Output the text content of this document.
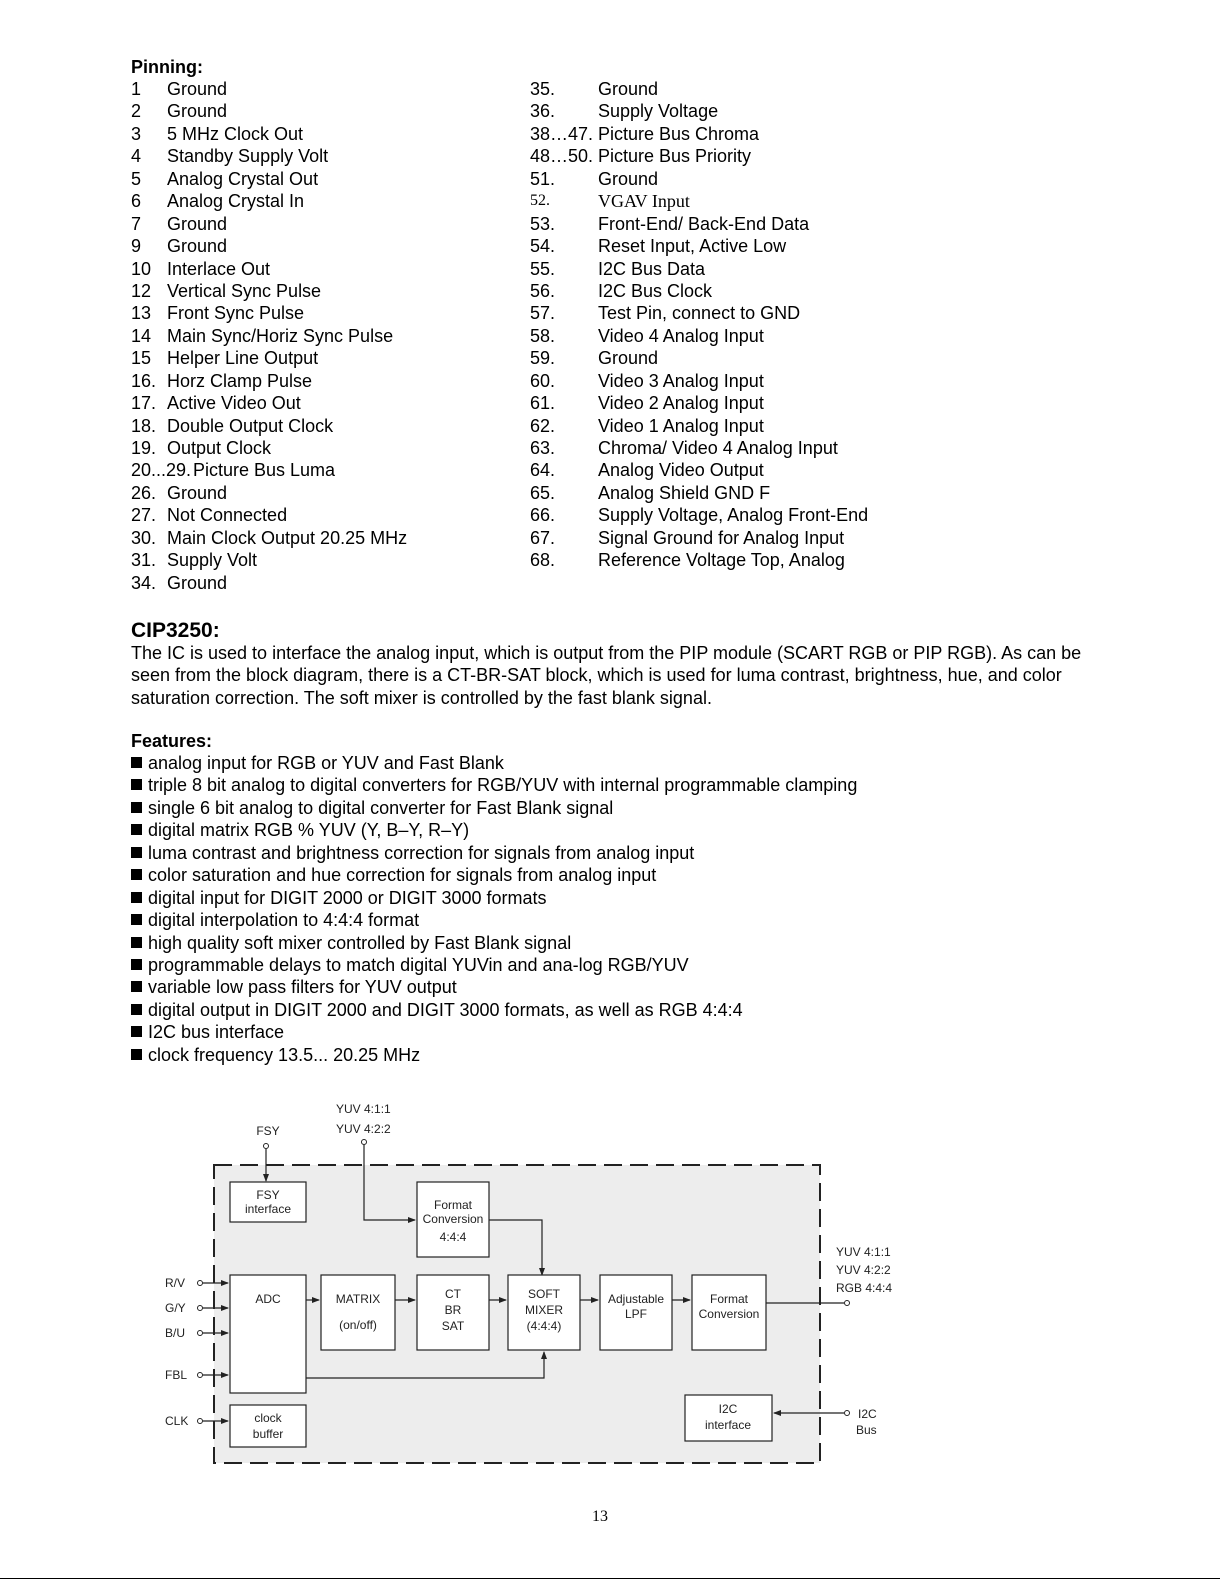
Pinning:
1 Ground
2 Ground
3 5 MHz Clock Out
4 Standby Supply Volt
5 Analog Crystal Out
6 Analog Crystal In
7 Ground
9 Ground
10 Interlace Out
12 Vertical Sync Pulse
13 Front Sync Pulse
14 Main Sync/Horiz Sync Pulse
15 Helper Line Output
16. Horz Clamp Pulse
17. Active Video Out
18. Double Output Clock
19. Output Clock
20...29. Picture Bus Luma
26. Ground
27. Not Connected
30. Main Clock Output 20.25 MHz
31. Supply Volt
34. Ground
35. Ground
36. Supply Voltage
38…47. Picture Bus Chroma
48…50. Picture Bus Priority
51. Ground
52.	VGAV Input
53. Front-End/ Back-End Data
54. Reset Input, Active Low
55. I2C Bus Data
56. I2C Bus Clock
57. Test Pin, connect to GND
58. Video 4 Analog Input
59. Ground
60. Video 3 Analog Input
61. Video 2 Analog Input
62. Video 1 Analog Input
63. Chroma/ Video 4 Analog Input
64. Analog Video Output
65. Analog Shield GND F
66. Supply Voltage, Analog Front-End
67. Signal Ground for Analog Input
68. Reference Voltage Top, Analog
CIP3250:
The IC is used to interface the analog input, which is output from the PIP module (SCART RGB or PIP RGB). As can be seen from the block diagram, there is a CT-BR-SAT block, which is used for luma contrast, brightness, hue, and color saturation correction. The soft mixer is controlled by the fast blank signal.
Features:
analog input for RGB or YUV and Fast Blank
triple 8 bit analog to digital converters for RGB/YUV with internal programmable clamping
single 6 bit analog to digital converter for Fast Blank signal
digital matrix RGB % YUV (Y, B–Y, R–Y)
luma contrast and brightness correction for signals from analog input
color saturation and hue correction for signals from analog input
digital input for DIGIT 2000 or DIGIT 3000 formats
digital interpolation to 4:4:4 format
high quality soft mixer controlled by Fast Blank signal
programmable delays to match digital YUVin and ana-log RGB/YUV
variable low pass filters for YUV output
digital output in DIGIT 2000 and DIGIT 3000 formats, as well as RGB 4:4:4
I2C bus interface
clock frequency 13.5... 20.25 MHz
FSY
YUV 4:1:1
YUV 4:2:2
FSY
interface	Format
Conversion
4:4:4
R/V
G/Y
B/U
FBL
CLK
ADC	MATRIX
(on/off)
CT
BR
SAT
SOFT
MIXER
(4:4:4)
Adjustable
LPF
Format
Conversion
YUV 4:1:1
YUV 4:2:2
RGB 4:4:4
clock
buffer
I2C
interface
I2C
Bus
13
